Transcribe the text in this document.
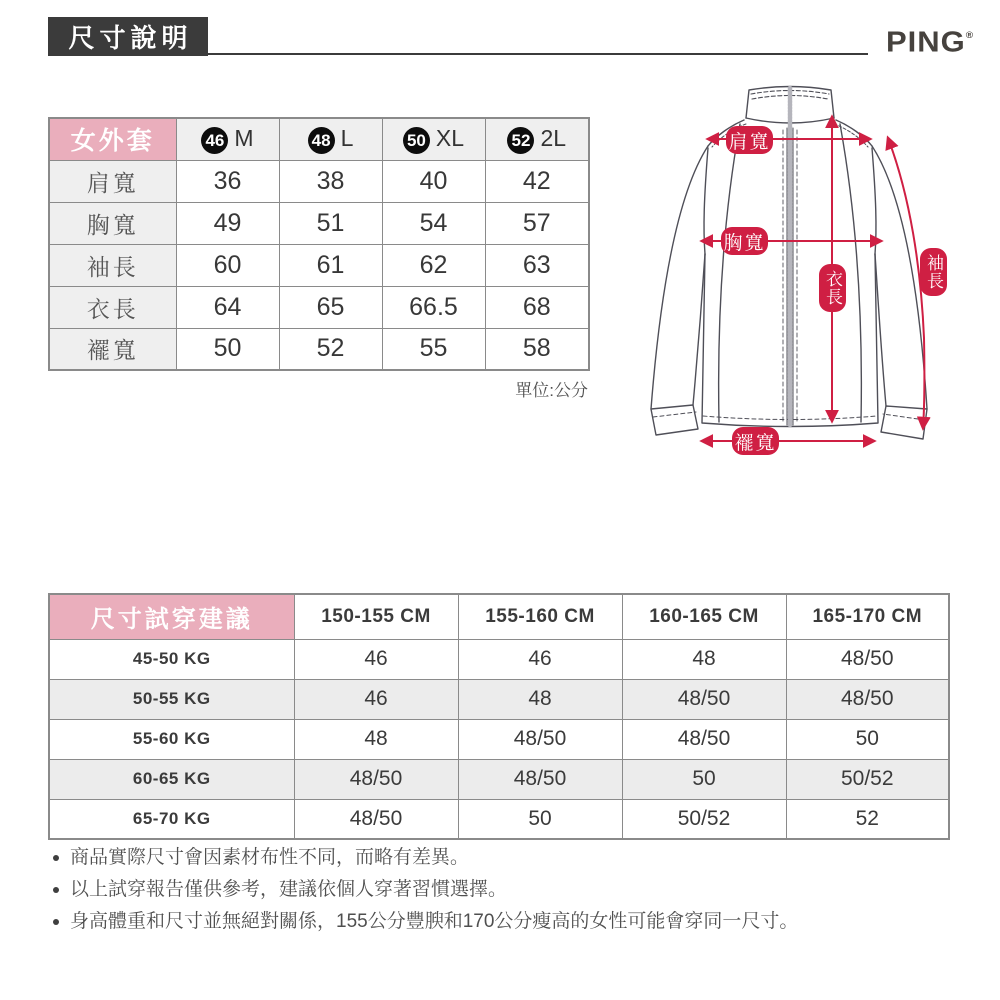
尺寸說明	PING®
女外套	46 M	48 L	50 XL	52 2L
肩寬	36	38	40	42
胸寬	49	51	54	57
袖長	60	61	62	63
衣長	64	65	66.5	68
襬寬	50	52	55	58
單位:公分
肩寬
胸寬
衣長	袖長
襬寬
尺寸試穿建議	150-155 CM	155-160 CM	160-165 CM	165-170 CM
45-50 KG	46	46	48	48/50
50-55 KG	46	48	48/50	48/50
55-60 KG	48	48/50	48/50	50
60-65 KG	48/50	48/50	50	50/52
65-70 KG	48/50	50	50/52	52
商品實際尺寸會因素材布性不同，而略有差異。
以上試穿報告僅供參考，建議依個人穿著習慣選擇。
身高體重和尺寸並無絕對關係，155公分豐腴和170公分瘦高的女性可能會穿同一尺寸。
